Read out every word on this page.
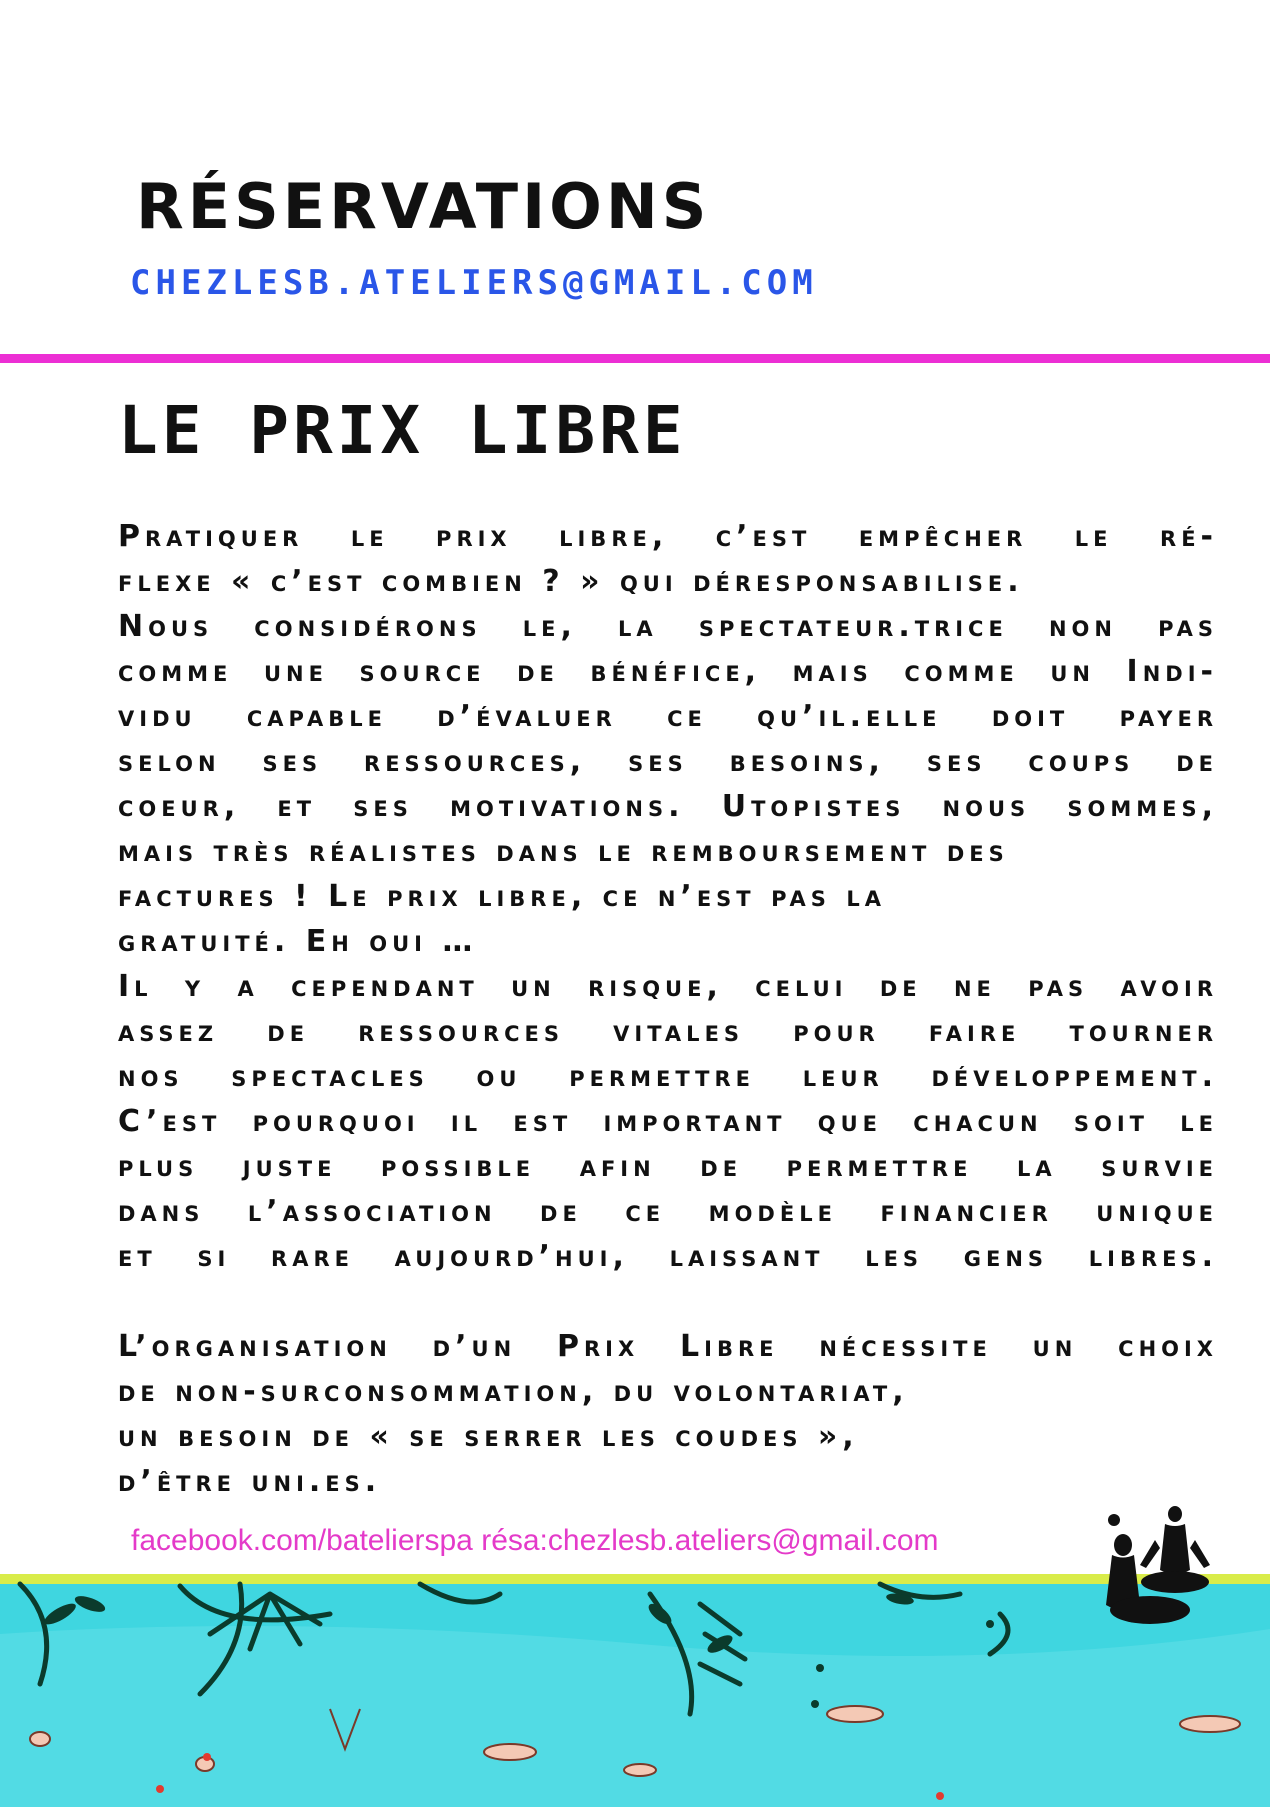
RÉSERVATIONS
CHEZLESB.ATELIERS@GMAIL.COM
LE PRIX LIBRE
Pratiquer le prix libre, c’est empêcher le ré-
flexe « c’est combien ? » qui déresponsabilise.
Nous considérons le, la spectateur.trice non pas
comme une source de bénéfice, mais comme un Indi-
vidu capable d’évaluer ce qu’il.elle doit payer
selon ses ressources, ses besoins, ses coups de
coeur, et ses motivations. Utopistes nous sommes,
mais très réalistes dans le remboursement des
factures ! Le prix libre, ce n’est pas la
gratuité. Eh oui …
Il y a cependant un risque, celui de ne pas avoir
assez de ressources vitales pour faire tourner
nos spectacles ou permettre leur développement.
C’est pourquoi il est important que chacun soit le
plus juste possible afin de permettre la survie
dans l’association de ce modèle financier unique
et si rare aujourd’hui, laissant les gens libres.
L’organisation d’un Prix Libre nécessite un choix
de non-surconsommation, du volontariat,
un besoin de « se serrer les coudes »,
d’être uni.es.
facebook.com/batelierspa résa:chezlesb.ateliers@gmail.com
